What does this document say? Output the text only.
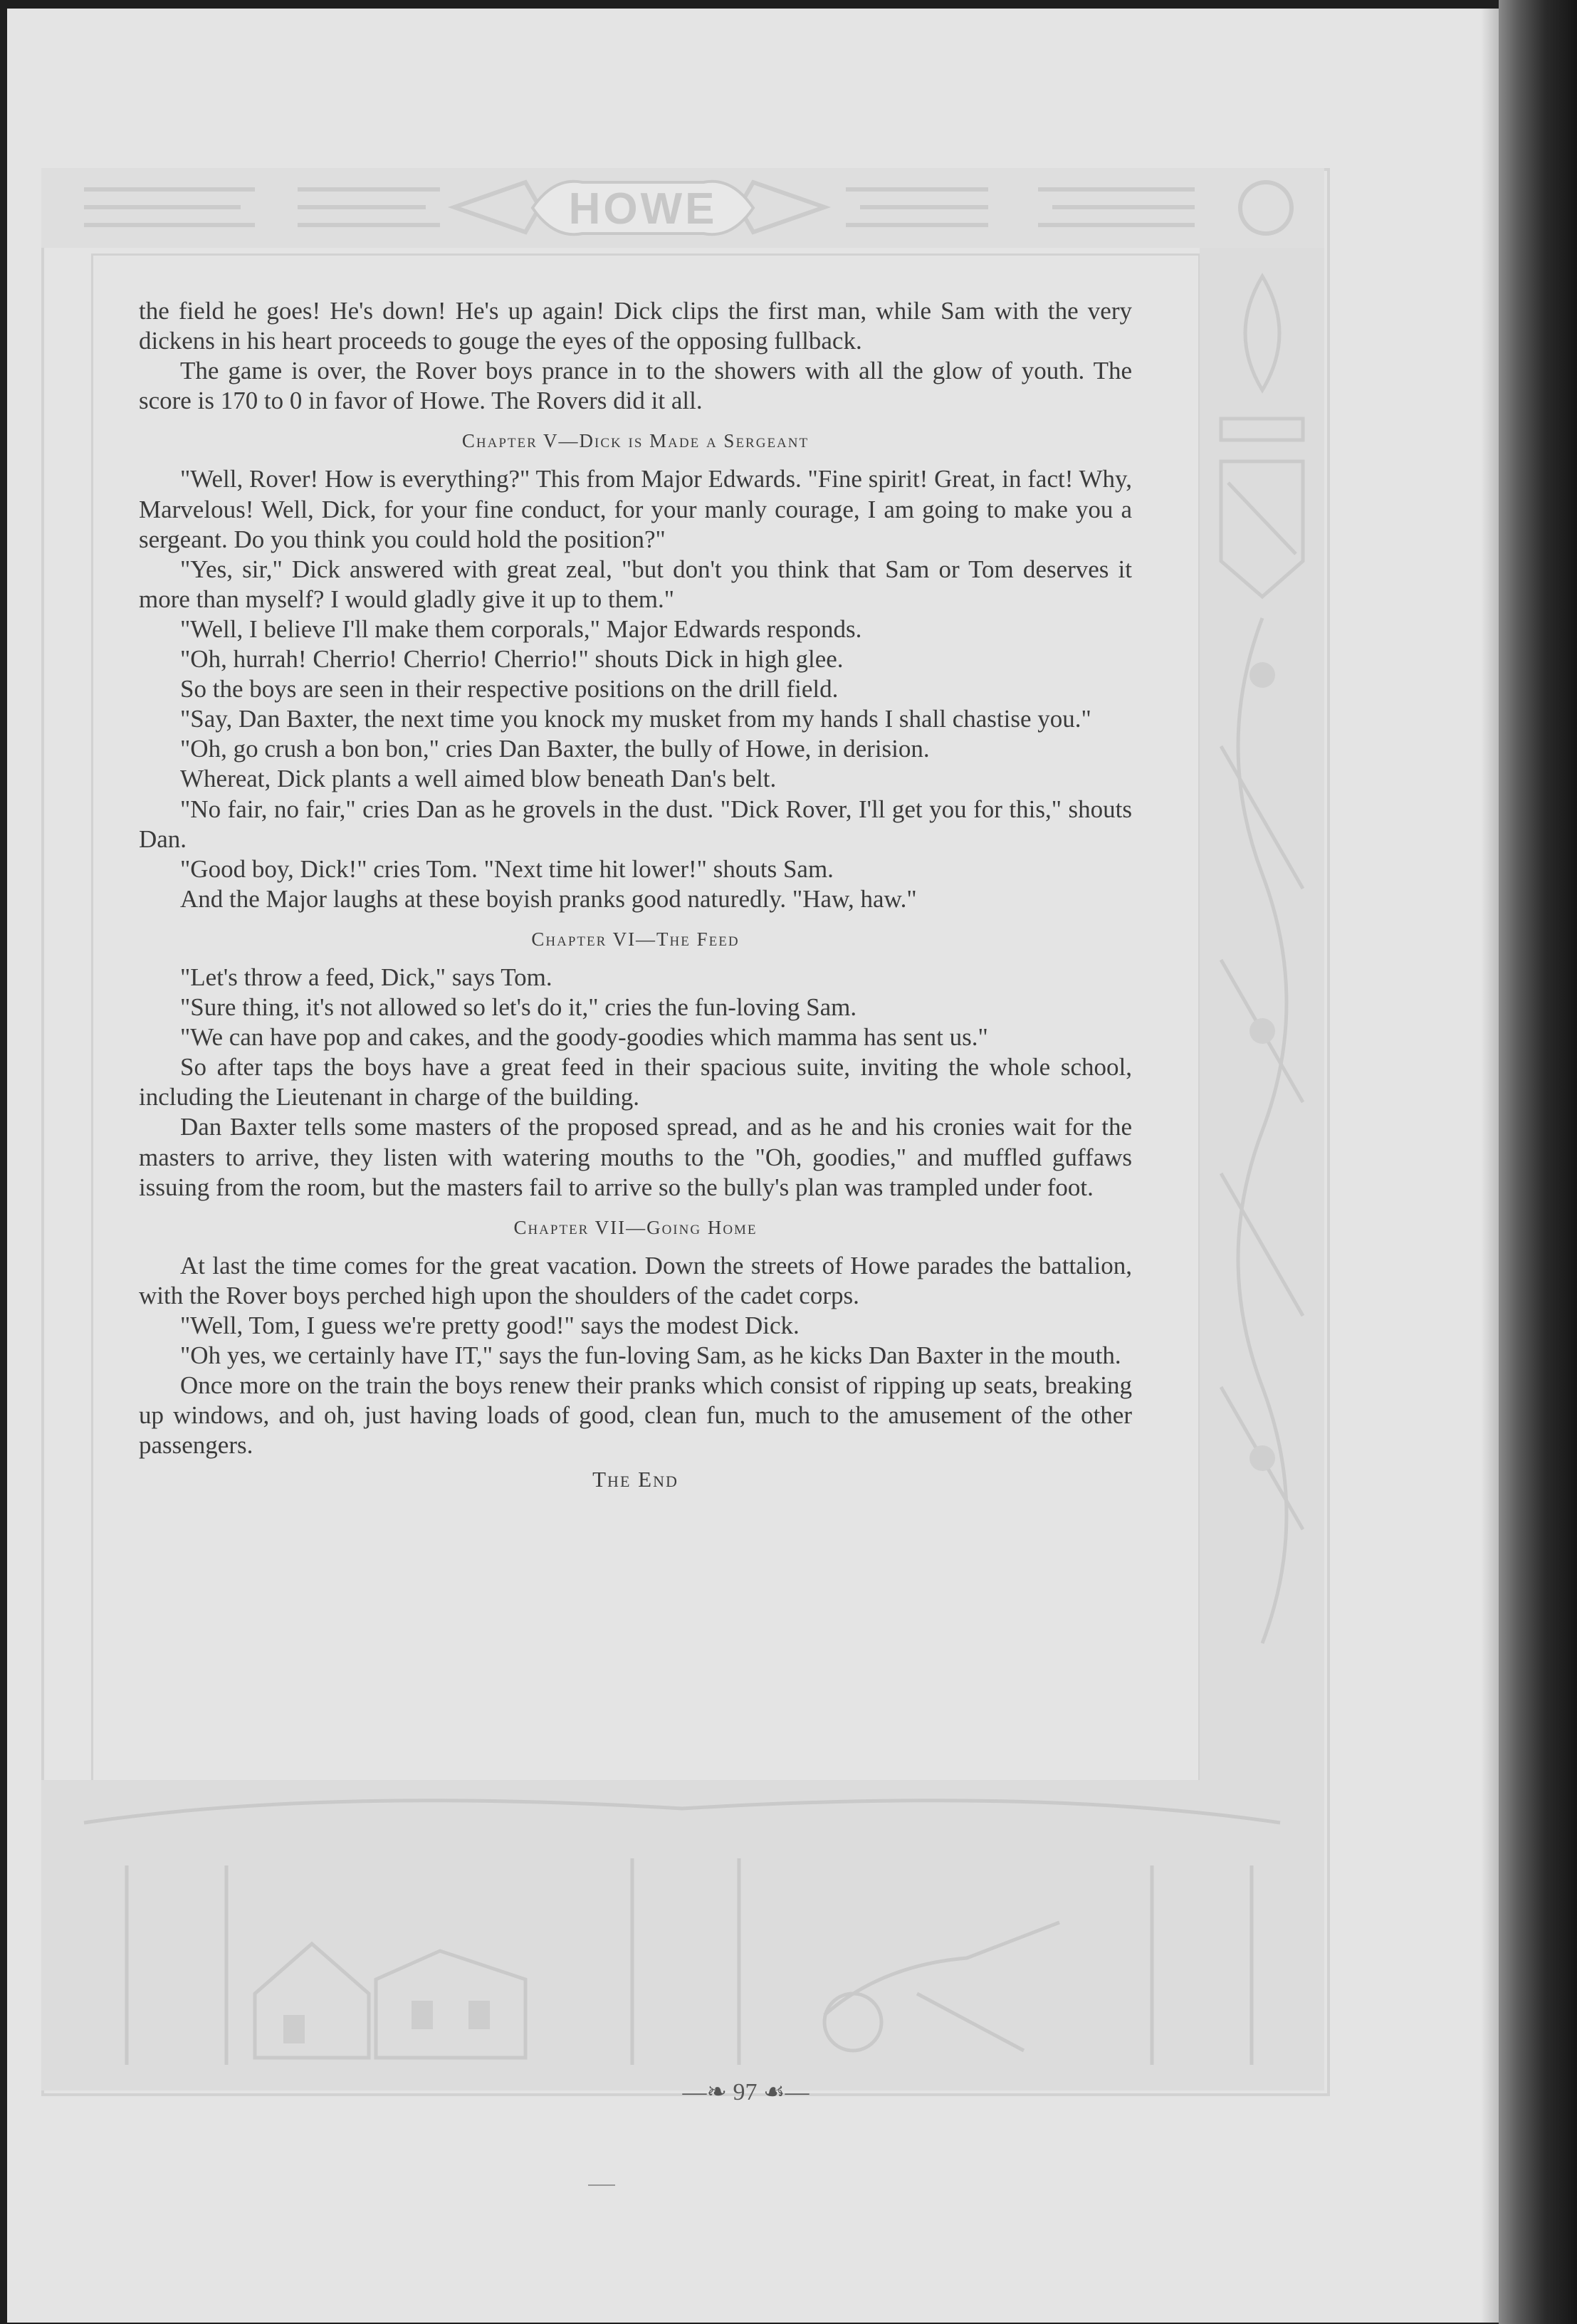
HOWE

the field he goes! He's down! He's up again! Dick clips the first man, while Sam with the very dickens in his heart proceeds to gouge the eyes of the opposing fullback.

The game is over, the Rover boys prance in to the showers with all the glow of youth. The score is 170 to 0 in favor of Howe. The Rovers did it all.

Chapter V—Dick is Made a Sergeant

"Well, Rover! How is everything?" This from Major Edwards. "Fine spirit! Great, in fact! Why, Marvelous! Well, Dick, for your fine conduct, for your manly courage, I am going to make you a sergeant. Do you think you could hold the position?"

"Yes, sir," Dick answered with great zeal, "but don't you think that Sam or Tom deserves it more than myself? I would gladly give it up to them."

"Well, I believe I'll make them corporals," Major Edwards responds.

"Oh, hurrah! Cherrio! Cherrio! Cherrio!" shouts Dick in high glee.

So the boys are seen in their respective positions on the drill field.

"Say, Dan Baxter, the next time you knock my musket from my hands I shall chastise you."

"Oh, go crush a bon bon," cries Dan Baxter, the bully of Howe, in derision.

Whereat, Dick plants a well aimed blow beneath Dan's belt.

"No fair, no fair," cries Dan as he grovels in the dust. "Dick Rover, I'll get you for this," shouts Dan.

"Good boy, Dick!" cries Tom. "Next time hit lower!" shouts Sam.

And the Major laughs at these boyish pranks good naturedly. "Haw, haw."

Chapter VI—The Feed

"Let's throw a feed, Dick," says Tom.

"Sure thing, it's not allowed so let's do it," cries the fun-loving Sam.

"We can have pop and cakes, and the goody-goodies which mamma has sent us."

So after taps the boys have a great feed in their spacious suite, inviting the whole school, including the Lieutenant in charge of the building.

Dan Baxter tells some masters of the proposed spread, and as he and his cronies wait for the masters to arrive, they listen with watering mouths to the "Oh, goodies," and muffled guffaws issuing from the room, but the masters fail to arrive so the bully's plan was trampled under foot.

Chapter VII—Going Home

At last the time comes for the great vacation. Down the streets of Howe parades the battalion, with the Rover boys perched high upon the shoulders of the cadet corps.

"Well, Tom, I guess we're pretty good!" says the modest Dick.

"Oh yes, we certainly have IT," says the fun-loving Sam, as he kicks Dan Baxter in the mouth.

Once more on the train the boys renew their pranks which consist of ripping up seats, breaking up windows, and oh, just having loads of good, clean fun, much to the amusement of the other passengers.

The End
—❧ 97 ☙—
